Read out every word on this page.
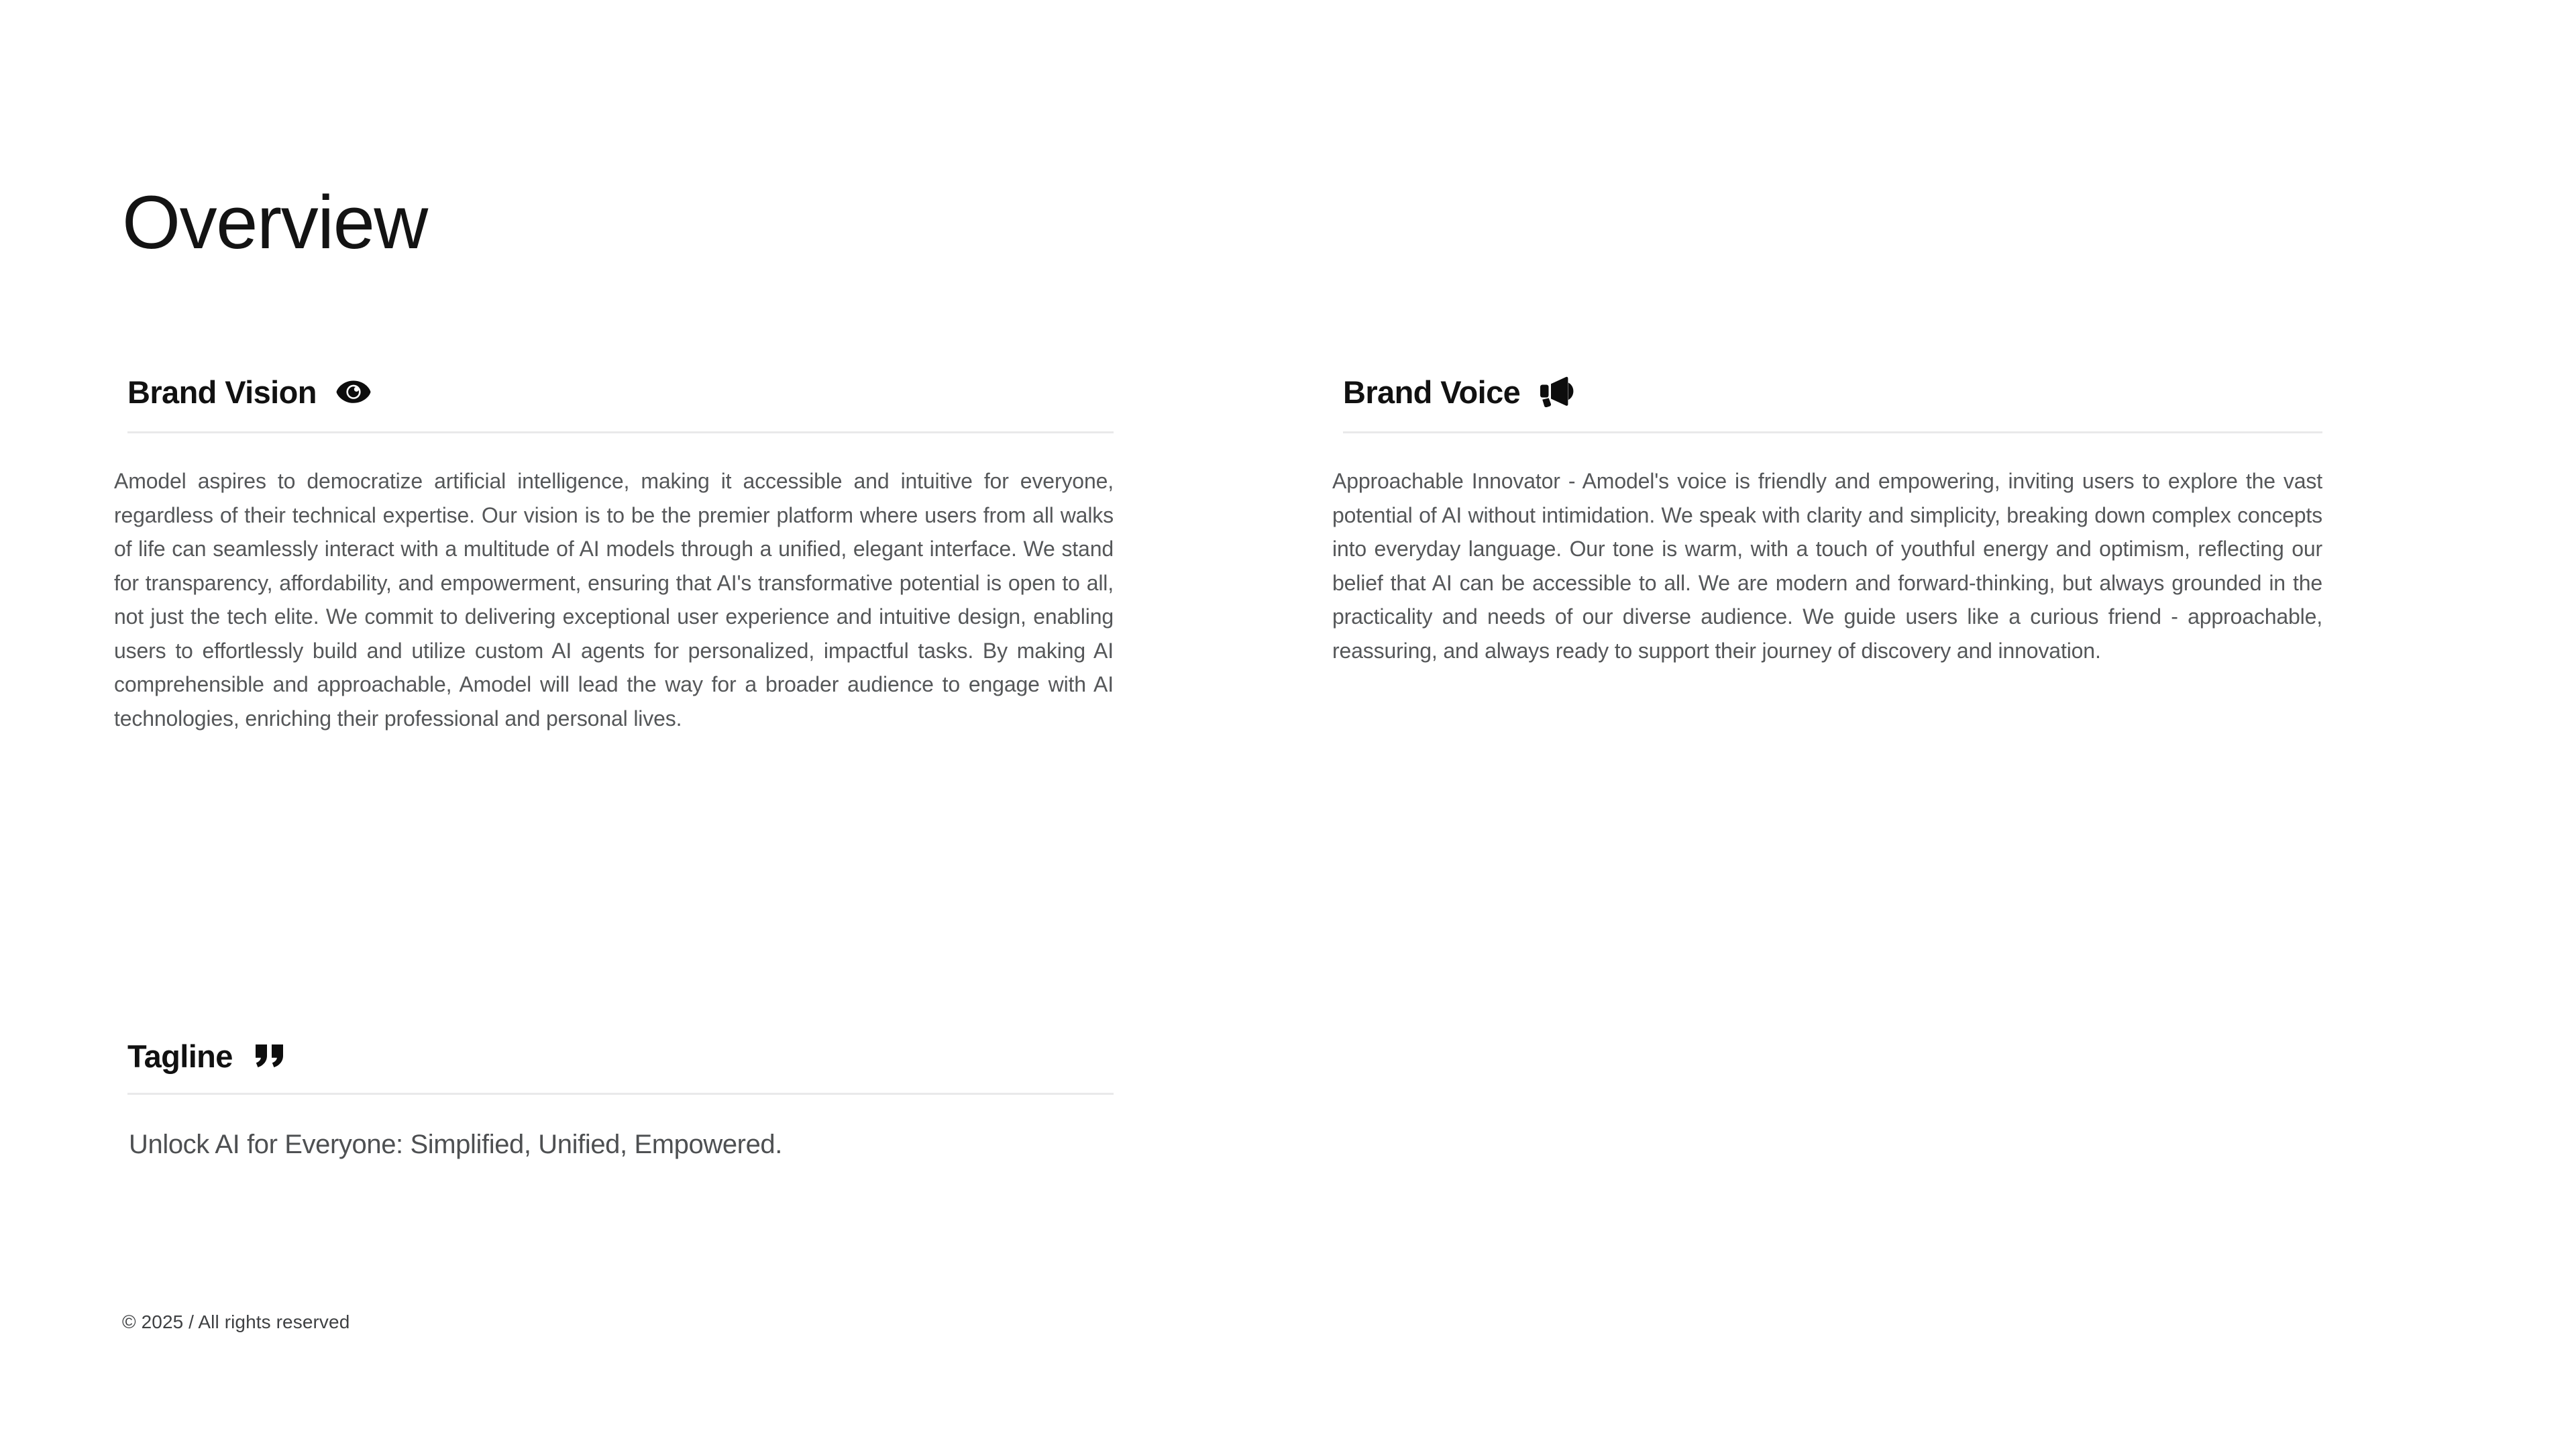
Overview
Brand Vision

Amodel aspires to democratize artificial intelligence, making it accessible and intuitive for everyone, regardless of their technical expertise. Our vision is to be the premier platform where users from all walks of life can seamlessly interact with a multitude of AI models through a unified, elegant interface. We stand for transparency, affordability, and empowerment, ensuring that AI's transformative potential is open to all, not just the tech elite. We commit to delivering exceptional user experience and intuitive design, enabling users to effortlessly build and utilize custom AI agents for personalized, impactful tasks. By making AI comprehensible and approachable, Amodel will lead the way for a broader audience to engage with AI technologies, enriching their professional and personal lives.

Brand Voice

Approachable Innovator - Amodel's voice is friendly and empowering, inviting users to explore the vast potential of AI without intimidation. We speak with clarity and simplicity, breaking down complex concepts into everyday language. Our tone is warm, with a touch of youthful energy and optimism, reflecting our belief that AI can be accessible to all. We are modern and forward-thinking, but always grounded in the practicality and needs of our diverse audience. We guide users like a curious friend - approachable, reassuring, and always ready to support their journey of discovery and innovation.

Tagline

Unlock AI for Everyone: Simplified, Unified, Empowered.

© 2025 / All rights reserved
